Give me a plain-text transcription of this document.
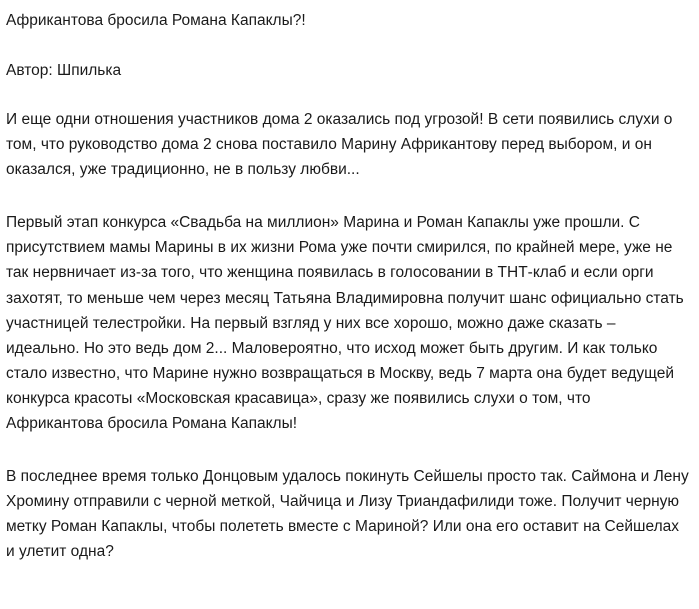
Африкантова бросила Романа Капаклы?!
Автор: Шпилька
И еще одни отношения участников дома 2 оказались под угрозой! В сети появились слухи о том, что руководство дома 2 снова поставило Марину Африкантову перед выбором, и он оказался, уже традиционно, не в пользу любви...
Первый этап конкурса «Свадьба на миллион» Марина и Роман Капаклы уже прошли. С присутствием мамы Марины в их жизни Рома уже почти смирился, по крайней мере, уже не так нервничает из-за того, что женщина появилась в голосовании в ТНТ-клаб и если орги захотят, то меньше чем через месяц Татьяна Владимировна получит шанс официально стать участницей телестройки. На первый взгляд у них все хорошо, можно даже сказать – идеально. Но это ведь дом 2... Маловероятно, что исход может быть другим. И как только стало известно, что Марине нужно возвращаться в Москву, ведь 7 марта она будет ведущей конкурса красоты «Московская красавица», сразу же появились слухи о том, что Африкантова бросила Романа Капаклы!
В последнее время только Донцовым удалось покинуть Сейшелы просто так. Саймона и Лену Хромину отправили с черной меткой, Чайчица и Лизу Триандафилиди тоже. Получит черную метку Роман Капаклы, чтобы полететь вместе с Мариной? Или она его оставит на Сейшелах и улетит одна?
